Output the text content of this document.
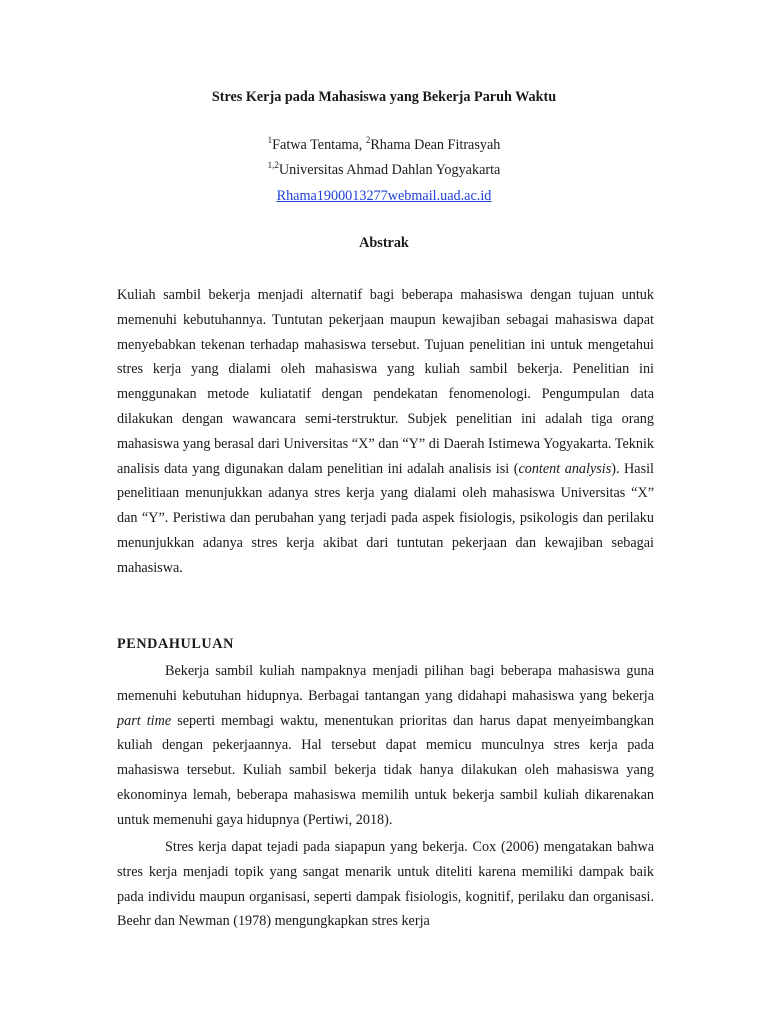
Stres Kerja pada Mahasiswa yang Bekerja Paruh Waktu
$^1$Fatwa Tentama, $^2$Rhama Dean Fitrasyah
$^{1,2}$Universitas Ahmad Dahlan Yogyakarta
Rhama1900013277webmail.uad.ac.id
Abstrak

Kuliah sambil bekerja menjadi alternatif bagi beberapa mahasiswa dengan tujuan untuk memenuhi kebutuhannya. Tuntutan pekerjaan maupun kewajiban sebagai mahasiswa dapat menyebabkan tekenan terhadap mahasiswa tersebut. Tujuan penelitian ini untuk mengetahui stres kerja yang dialami oleh mahasiswa yang kuliah sambil bekerja. Penelitian ini menggunakan metode kuliatatif dengan pendekatan fenomenologi. Pengumpulan data dilakukan dengan wawancara semi-terstruktur. Subjek penelitian ini adalah tiga orang mahasiswa yang berasal dari Universitas “X” dan “Y” di Daerah Istimewa Yogyakarta. Teknik analisis data yang digunakan dalam penelitian ini adalah analisis isi (content analysis). Hasil penelitiaan menunjukkan adanya stres kerja yang dialami oleh mahasiswa Universitas “X” dan “Y”. Peristiwa dan perubahan yang terjadi pada aspek fisiologis, psikologis dan perilaku menunjukkan adanya stres kerja akibat dari tuntutan pekerjaan dan kewajiban sebagai mahasiswa.

PENDAHULUAN

Bekerja sambil kuliah nampaknya menjadi pilihan bagi beberapa mahasiswa guna memenuhi kebutuhan hidupnya. Berbagai tantangan yang didahapi mahasiswa yang bekerja part time seperti membagi waktu, menentukan prioritas dan harus dapat menyeimbangkan kuliah dengan pekerjaannya. Hal tersebut dapat memicu munculnya stres kerja pada mahasiswa tersebut. Kuliah sambil bekerja tidak hanya dilakukan oleh mahasiswa yang ekonominya lemah, beberapa mahasiswa memilih untuk bekerja sambil kuliah dikarenakan untuk memenuhi gaya hidupnya (Pertiwi, 2018).

Stres kerja dapat tejadi pada siapapun yang bekerja. Cox (2006) mengatakan bahwa stres kerja menjadi topik yang sangat menarik untuk diteliti karena memiliki dampak baik pada individu maupun organisasi, seperti dampak fisiologis, kognitif, perilaku dan organisasi. Beehr dan Newman (1978) mengungkapkan stres kerja
